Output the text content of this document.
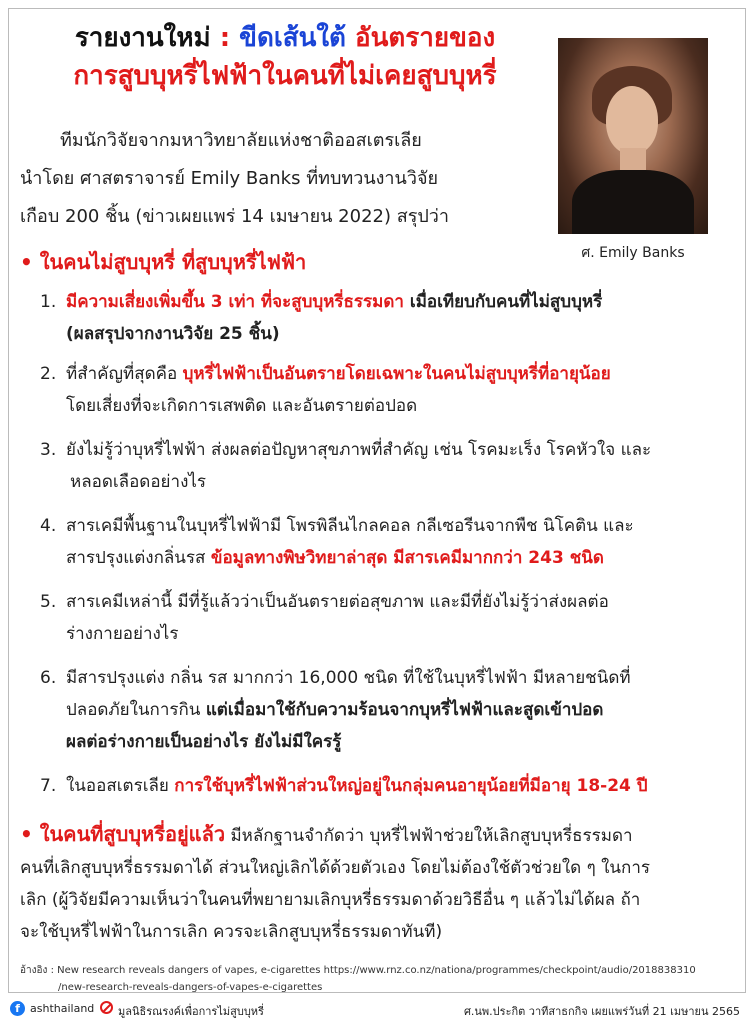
รายงานใหม่ : ขีดเส้นใต้ อันตรายของ
การสูบบุหรี่ไฟฟ้าในคนที่ไม่เคยสูบบุหรี่
ศ. Emily Banks
ทีมนักวิจัยจากมหาวิทยาลัยแห่งชาติออสเตรเลีย
นำโดย ศาสตราจารย์ Emily Banks ที่ทบทวนงานวิจัย
เกือบ 200 ชิ้น (ข่าวเผยแพร่ 14 เมษายน 2022) สรุปว่า
• ในคนไม่สูบบุหรี่ ที่สูบบุหรี่ไฟฟ้า
1. มีความเสี่ยงเพิ่มขึ้น 3 เท่า ที่จะสูบบุหรี่ธรรมดา เมื่อเทียบกับคนที่ไม่สูบบุหรี่
(ผลสรุปจากงานวิจัย 25 ชิ้น)
2. ที่สำคัญที่สุดคือ บุหรี่ไฟฟ้าเป็นอันตรายโดยเฉพาะในคนไม่สูบบุหรี่ที่อายุน้อย
โดยเสี่ยงที่จะเกิดการเสพติด และอันตรายต่อปอด
3. ยังไม่รู้ว่าบุหรี่ไฟฟ้า ส่งผลต่อปัญหาสุขภาพที่สำคัญ เช่น โรคมะเร็ง โรคหัวใจ และ
หลอดเลือดอย่างไร
4. สารเคมีพื้นฐานในบุหรี่ไฟฟ้ามี โพรพิลีนไกลคอล กลีเซอรีนจากพืช นิโคติน และ
สารปรุงแต่งกลิ่นรส ข้อมูลทางพิษวิทยาล่าสุด มีสารเคมีมากกว่า 243 ชนิด
5. สารเคมีเหล่านี้ มีที่รู้แล้วว่าเป็นอันตรายต่อสุขภาพ และมีที่ยังไม่รู้ว่าส่งผลต่อ
ร่างกายอย่างไร
6. มีสารปรุงแต่ง กลิ่น รส มากกว่า 16,000 ชนิด ที่ใช้ในบุหรี่ไฟฟ้า มีหลายชนิดที่
ปลอดภัยในการกิน แต่เมื่อมาใช้กับความร้อนจากบุหรี่ไฟฟ้าและสูดเข้าปอด
ผลต่อร่างกายเป็นอย่างไร ยังไม่มีใครรู้
7. ในออสเตรเลีย การใช้บุหรี่ไฟฟ้าส่วนใหญ่อยู่ในกลุ่มคนอายุน้อยที่มีอายุ 18-24 ปี
• ในคนที่สูบบุหรี่อยู่แล้ว มีหลักฐานจำกัดว่า บุหรี่ไฟฟ้าช่วยให้เลิกสูบบุหรี่ธรรมดา
คนที่เลิกสูบบุหรี่ธรรมดาได้ ส่วนใหญ่เลิกได้ด้วยตัวเอง โดยไม่ต้องใช้ตัวช่วยใด ๆ ในการ
เลิก (ผู้วิจัยมีความเห็นว่าในคนที่พยายามเลิกบุหรี่ธรรมดาด้วยวิธีอื่น ๆ แล้วไม่ได้ผล ถ้า
จะใช้บุหรี่ไฟฟ้าในการเลิก ควรจะเลิกสูบบุหรี่ธรรมดาทันที)
อ้างอิง : New research reveals dangers of vapes, e-cigarettes https://www.rnz.co.nz/nationa/programmes/checkpoint/audio/2018838310
/new-research-reveals-dangers-of-vapes-e-cigarettes
f ashthailand มูลนิธิรณรงค์เพื่อการไม่สูบบุหรี่	ศ.นพ.ประกิต วาทีสาธกกิจ เผยแพร่วันที่ 21 เมษายน 2565
